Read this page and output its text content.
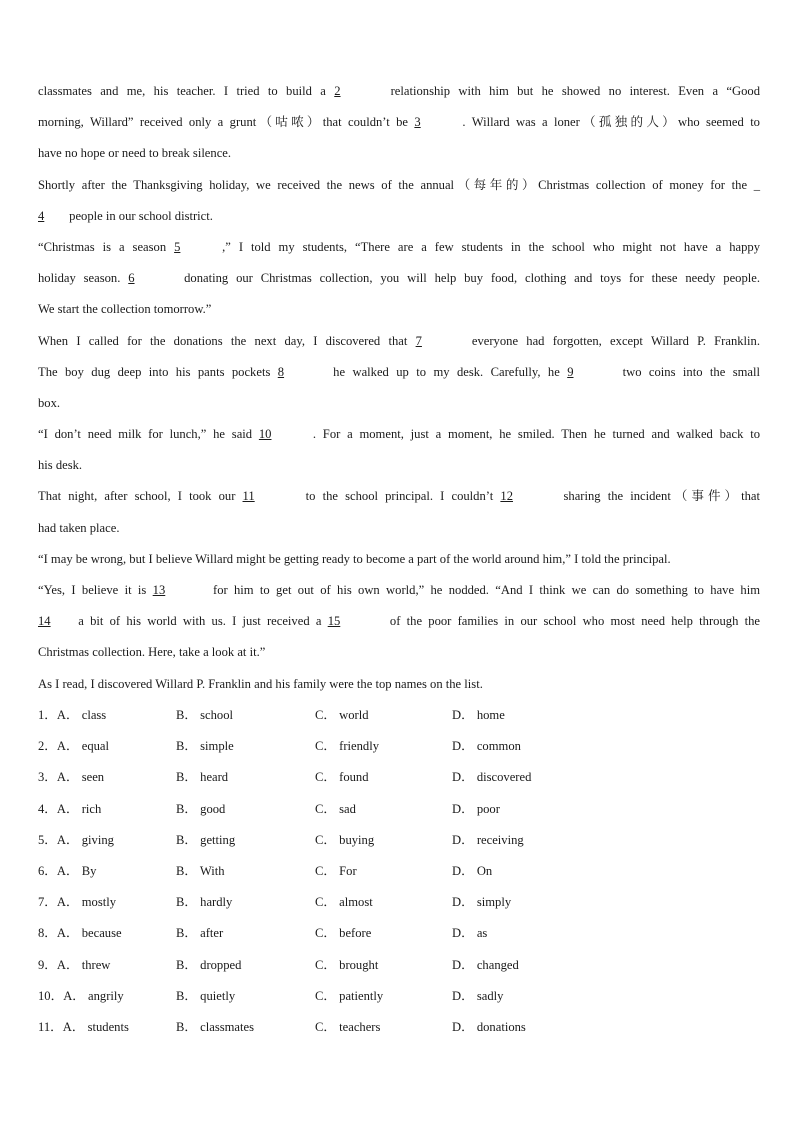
classmates and me, his teacher. I tried to build a 2	relationship with him but he showed no interest. Even a “Good
morning, Willard” received only a grunt（咕哝）that couldn’t be 3	. Willard was a loner（孤独的人）who seemed to
have no hope or need to break silence.
Shortly after the Thanksgiving holiday, we received the news of the annual（每年的）Christmas collection of money for the _
4 people in our school district.
“Christmas is a season 5	,” I told my students, “There are a few students in the school who might not have a happy
holiday season. 6	donating our Christmas collection, you will help buy food, clothing and toys for these needy people.
We start the collection tomorrow.”
When I called for the donations the next day, I discovered that 7	everyone had forgotten, except Willard P. Franklin.
The boy dug deep into his pants pockets 8	he walked up to my desk. Carefully, he 9	two coins into the small
box.
“I don’t need milk for lunch,” he said 10	. For a moment, just a moment, he smiled. Then he turned and walked back to
his desk.
That night, after school, I took our 11	to the school principal. I couldn’t 12	sharing the incident（事件）that
had taken place.
“I may be wrong, but I believe Willard might be getting ready to become a part of the world around him,” I told the principal.
“Yes, I believe it is 13	for him to get out of his own world,” he nodded. “And I think we can do something to have him
14 a bit of his world with us. I just received a 15	of the poor families in our school who most need help through the
Christmas collection. Here, take a look at it.”
As I read, I discovered Willard P. Franklin and his family were the top names on the list.
1．A． class	B． school	C． world	D． home
2．A． equal	B． simple	C． friendly	D． common
3．A． seen	B． heard	C． found	D． discovered
4．A． rich	B． good	C． sad	D． poor
5．A． giving	B． getting	C． buying	D． receiving
6．A． By	B． With	C． For	D． On
7．A． mostly	B． hardly	C． almost	D． simply
8．A． because	B． after	C． before	D． as
9．A． threw	B． dropped	C． brought	D． changed
10．A． angrily	B． quietly	C． patiently	D． sadly
11．A． students	B． classmates	C． teachers	D． donations
